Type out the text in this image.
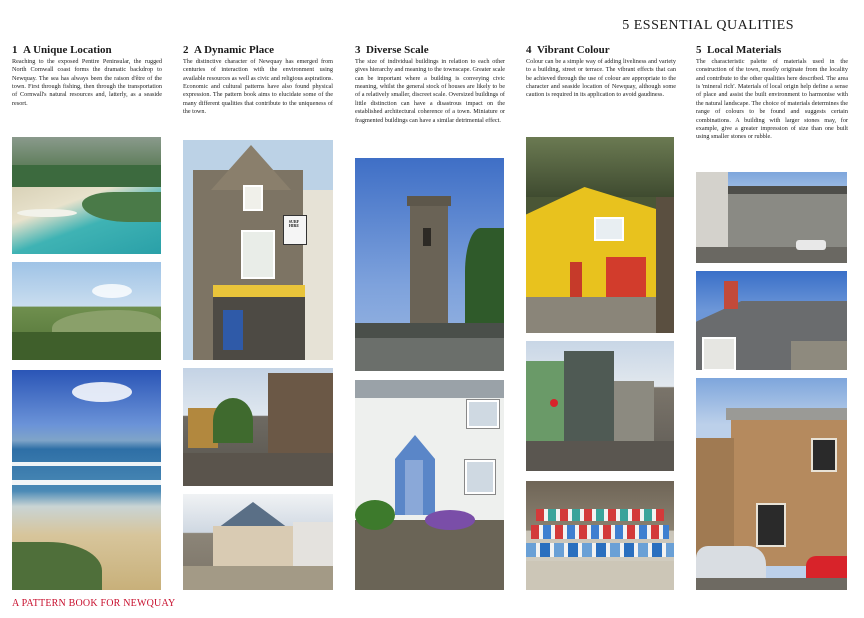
5 ESSENTIAL QUALITIES
1 A Unique Location

Reaching to the exposed Pentire Peninsular, the rugged North Cornwall coast forms the dramatic backdrop to Newquay. The sea has always been the raison d'être of the town. First through fishing, then through the transportation of Cornwall's natural resources and, latterly, as a seaside resort.

2 A Dynamic Place

The distinctive character of Newquay has emerged from centuries of interaction with the environment using available resources as well as civic and religious aspirations. Economic and cultural patterns have also found physical expression. The pattern book aims to elucidate some of the many different qualities that contribute to the uniqueness of the town.

SURF HIRE
3 Diverse Scale

The size of individual buildings in relation to each other gives hierarchy and meaning to the townscape. Greater scale can be important where a building is conveying civic meaning, whilst the general stock of houses are likely to be of a relatively smaller, discreet scale. Oversized buildings of little distinction can have a disastrous impact on the established architectural coherence of a town. Miniature or fragmented buildings can have a similar detrimental effect.

4 Vibrant Colour

Colour can be a simple way of adding liveliness and variety to a building, street or terrace. The vibrant effects that can be achieved through the use of colour are appropriate to the character and seaside location of Newquay, although some caution is required in its application to avoid gaudiness.

5 Local Materials

The characteristic palette of materials used in the construction of the town, mostly originate from the locality and contribute to the other qualities here described. The area is 'mineral rich'. Materials of local origin help define a sense of place and assist the built environment to harmonise with the natural landscape. The choice of materials determines the range of colours to be found and suggests certain combinations. A building with larger stones may, for example, give a greater impression of size than one built using smaller stones or rubble.

A PATTERN BOOK FOR NEWQUAY
